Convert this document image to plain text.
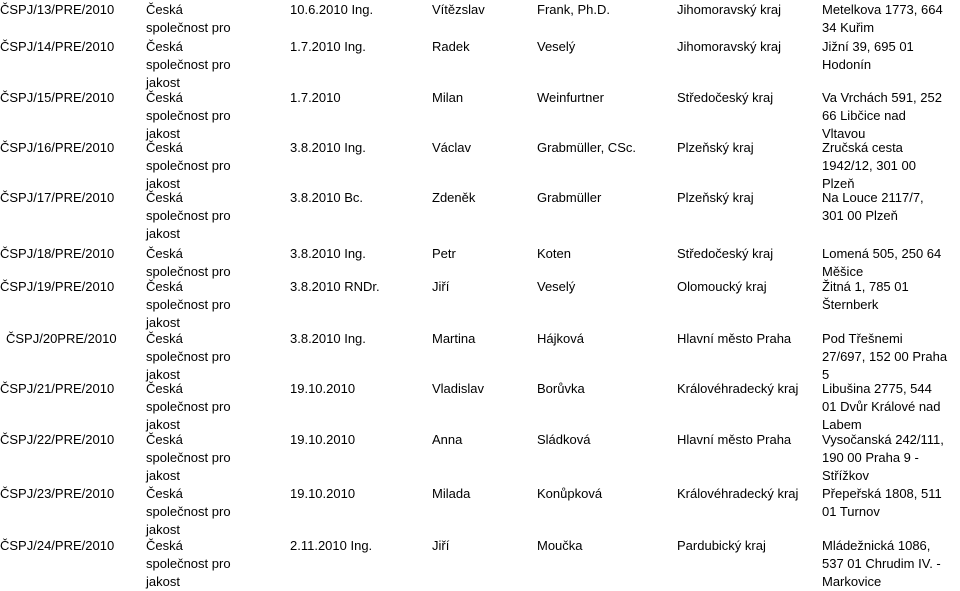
ČSPJ/13/PRE/2010	Česká
společnost pro
10.6.2010 Ing.	Vítězslav	Frank, Ph.D.	Jihomoravský kraj	Metelkova 1773, 664
34 Kuřim
ČSPJ/14/PRE/2010	Česká
společnost pro
jakost
1.7.2010 Ing.	Radek	Veselý	Jihomoravský kraj	Jižní 39, 695 01
Hodonín
ČSPJ/15/PRE/2010	Česká
společnost pro
jakost
1.7.2010	Milan	Weinfurtner	Středočeský kraj	Va Vrchách 591, 252
66 Libčice nad
Vltavou
ČSPJ/16/PRE/2010	Česká
společnost pro
jakost
3.8.2010 Ing.	Václav	Grabmüller, CSc.	Plzeňský kraj	Zručská cesta
1942/12, 301 00
Plzeň
ČSPJ/17/PRE/2010	Česká
společnost pro
jakost
3.8.2010 Bc.	Zdeněk	Grabmüller	Plzeňský kraj	Na Louce 2117/7,
301 00 Plzeň
ČSPJ/18/PRE/2010	Česká
společnost pro
3.8.2010 Ing.	Petr	Koten	Středočeský kraj	Lomená 505, 250 64
Měšice
ČSPJ/19/PRE/2010	Česká
společnost pro
jakost
3.8.2010 RNDr.	Jiří	Veselý	Olomoucký kraj	Žitná 1, 785 01
Šternberk
ČSPJ/20PRE/2010	Česká
společnost pro
jakost
3.8.2010 Ing.	Martina	Hájková	Hlavní město Praha	Pod Třešnemi
27/697, 152 00 Praha
5
ČSPJ/21/PRE/2010	Česká
společnost pro
jakost
19.10.2010	Vladislav	Borůvka	Královéhradecký kraj	Libušina 2775, 544
01 Dvůr Králové nad
Labem
ČSPJ/22/PRE/2010	Česká
společnost pro
jakost
19.10.2010	Anna	Sládková	Hlavní město Praha	Vysočanská 242/111,
190 00 Praha 9 -
Střížkov
ČSPJ/23/PRE/2010	Česká
společnost pro
jakost
19.10.2010	Milada	Konůpková	Královéhradecký kraj	Přepeřská 1808, 511
01 Turnov
ČSPJ/24/PRE/2010	Česká
společnost pro
jakost
2.11.2010 Ing.	Jiří	Moučka	Pardubický kraj	Mládežnická 1086,
537 01 Chrudim IV. -
Markovice
